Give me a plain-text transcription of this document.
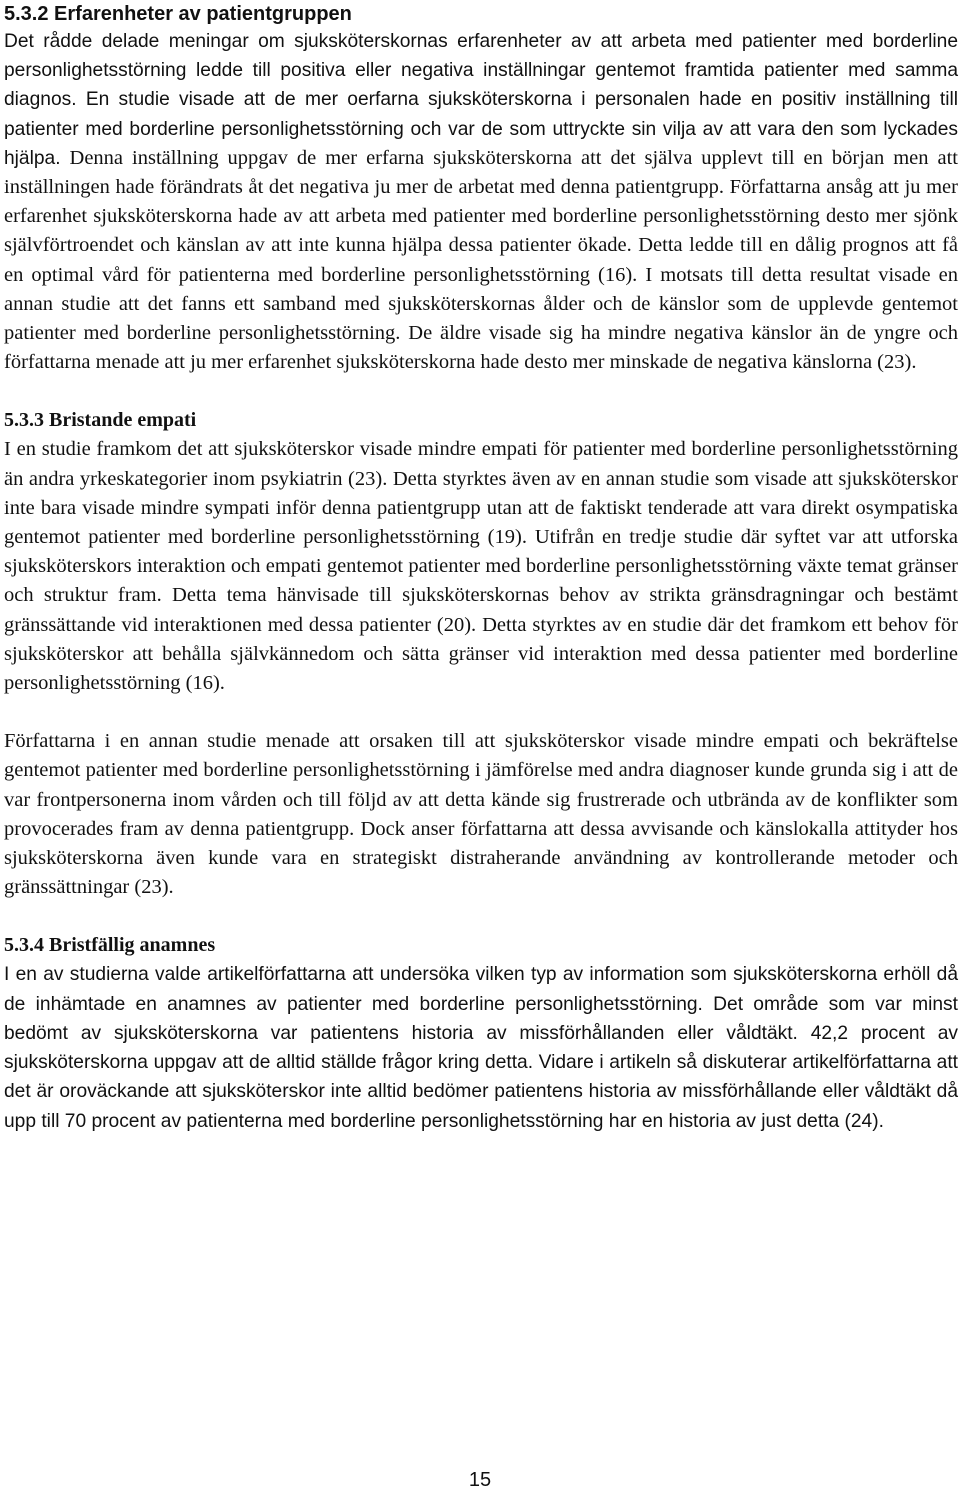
5.3.2 Erfarenheter av patientgruppen

Det rådde delade meningar om sjuksköterskornas erfarenheter av att arbeta med patienter med borderline personlighetsstörning ledde till positiva eller negativa inställningar gentemot framtida patienter med samma diagnos. En studie visade att de mer oerfarna sjuksköterskorna i personalen hade en positiv inställning till patienter med borderline personlighetsstörning och var de som uttryckte sin vilja av att vara den som lyckades hjälpa. Denna inställning uppgav de mer erfarna sjuksköterskorna att det själva upplevt till en början men att inställningen hade förändrats åt det negativa ju mer de arbetat med denna patientgrupp. Författarna ansåg att ju mer erfarenhet sjuksköterskorna hade av att arbeta med patienter med borderline personlighetsstörning desto mer sjönk självförtroendet och känslan av att inte kunna hjälpa dessa patienter ökade. Detta ledde till en dålig prognos att få en optimal vård för patienterna med borderline personlighetsstörning (16). I motsats till detta resultat visade en annan studie att det fanns ett samband med sjuksköterskornas ålder och de känslor som de upplevde gentemot patienter med borderline personlighetsstörning. De äldre visade sig ha mindre negativa känslor än de yngre och författarna menade att ju mer erfarenhet sjuksköterskorna hade desto mer minskade de negativa känslorna (23).

5.3.3 Bristande empati

I en studie framkom det att sjuksköterskor visade mindre empati för patienter med borderline personlighetsstörning än andra yrkeskategorier inom psykiatrin (23). Detta styrktes även av en annan studie som visade att sjuksköterskor inte bara visade mindre sympati inför denna patientgrupp utan att de faktiskt tenderade att vara direkt osympatiska gentemot patienter med borderline personlighetsstörning (19). Utifrån en tredje studie där syftet var att utforska sjuksköterskors interaktion och empati gentemot patienter med borderline personlighetsstörning växte temat gränser och struktur fram. Detta tema hänvisade till sjuksköterskornas behov av strikta gränsdragningar och bestämt gränssättande vid interaktionen med dessa patienter (20). Detta styrktes av en studie där det framkom ett behov för sjuksköterskor att behålla självkännedom och sätta gränser vid interaktion med dessa patienter med borderline personlighetsstörning (16).

Författarna i en annan studie menade att orsaken till att sjuksköterskor visade mindre empati och bekräftelse gentemot patienter med borderline personlighetsstörning i jämförelse med andra diagnoser kunde grunda sig i att de var frontpersonerna inom vården och till följd av att detta kände sig frustrerade och utbrända av de konflikter som provocerades fram av denna patientgrupp. Dock anser författarna att dessa avvisande och känslokalla attityder hos sjuksköterskorna även kunde vara en strategiskt distraherande användning av kontrollerande metoder och gränssättningar (23).

5.3.4 Bristfällig anamnes

I en av studierna valde artikelförfattarna att undersöka vilken typ av information som sjuksköterskorna erhöll då de inhämtade en anamnes av patienter med borderline personlighetsstörning. Det område som var minst bedömt av sjuksköterskorna var patientens historia av missförhållanden eller våldtäkt. 42,2 procent av sjuksköterskorna uppgav att de alltid ställde frågor kring detta. Vidare i artikeln så diskuterar artikelförfattarna att det är oroväckande att sjuksköterskor inte alltid bedömer patientens historia av missförhållande eller våldtäkt då upp till 70 procent av patienterna med borderline personlighetsstörning har en historia av just detta (24).

15
